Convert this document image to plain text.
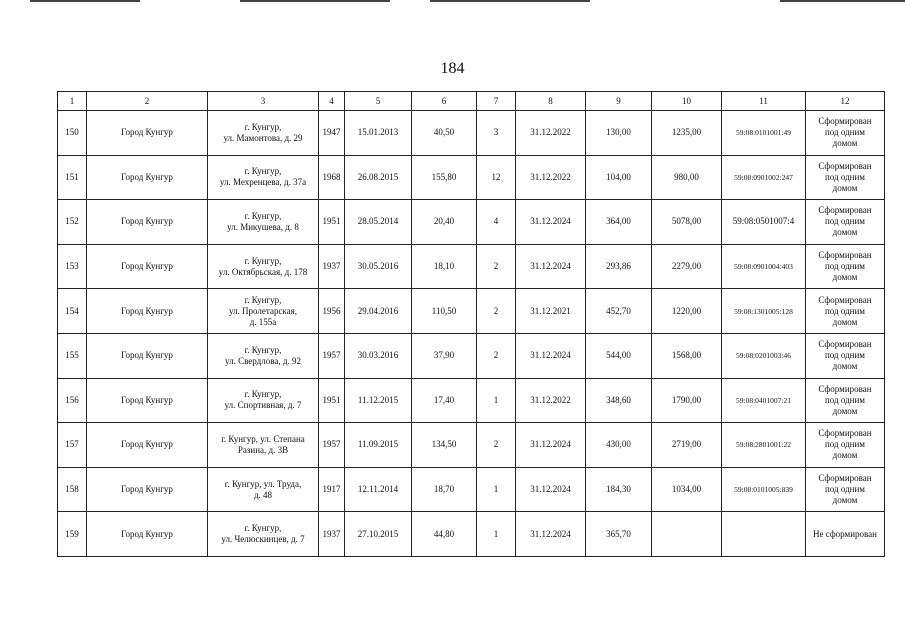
184
1	2	3	4	5	6	7	8	9	10	11	12
150	Город Кунгур	г. Кунгур,
ул. Мамонтова, д. 29	1947	15.01.2013	40,50	3	31.12.2022	130,00	1235,00	59:08:0101001:49	Сформирован
под одним
домом
151	Город Кунгур	г. Кунгур,
ул. Мехренцева, д. 37а	1968	26.08.2015	155,80	12	31.12.2022	104,00	980,00	59:08:0901002:247	Сформирован
под одним
домом
152	Город Кунгур	г. Кунгур,
ул. Микушева, д. 8	1951	28.05.2014	20,40	4	31.12.2024	364,00	5078,00	59:08:0501007:4	Сформирован
под одним
домом
153	Город Кунгур	г. Кунгур,
ул. Октябрьская, д. 178	1937	30.05.2016	18,10	2	31.12.2024	293,86	2279,00	59:08:0901004:403	Сформирован
под одним
домом
154	Город Кунгур	г. Кунгур,
ул. Пролетарская,
д. 155а	1956	29.04.2016	110,50	2	31.12.2021	452,70	1220,00	59:08:1301005:128	Сформирован
под одним
домом
155	Город Кунгур	г. Кунгур,
ул. Свердлова, д. 92	1957	30.03.2016	37,90	2	31.12.2024	544,00	1568,00	59:08:0201003:46	Сформирован
под одним
домом
156	Город Кунгур	г. Кунгур,
ул. Спортивная, д. 7	1951	11.12.2015	17,40	1	31.12.2022	348,60	1790,00	59:08:0401007:21	Сформирован
под одним
домом
157	Город Кунгур	г. Кунгур, ул. Степана
Разина, д. 3В	1957	11.09.2015	134,50	2	31.12.2024	430,00	2719,00	59:08:2801001:22	Сформирован
под одним
домом
158	Город Кунгур	г. Кунгур, ул. Труда,
д. 48	1917	12.11.2014	18,70	1	31.12.2024	184,30	1034,00	59:08:0101005:839	Сформирован
под одним
домом
159	Город Кунгур	г. Кунгур,
ул. Челюскинцев, д. 7	1937	27.10.2015	44,80	1	31.12.2024	365,70			Не сформирован
